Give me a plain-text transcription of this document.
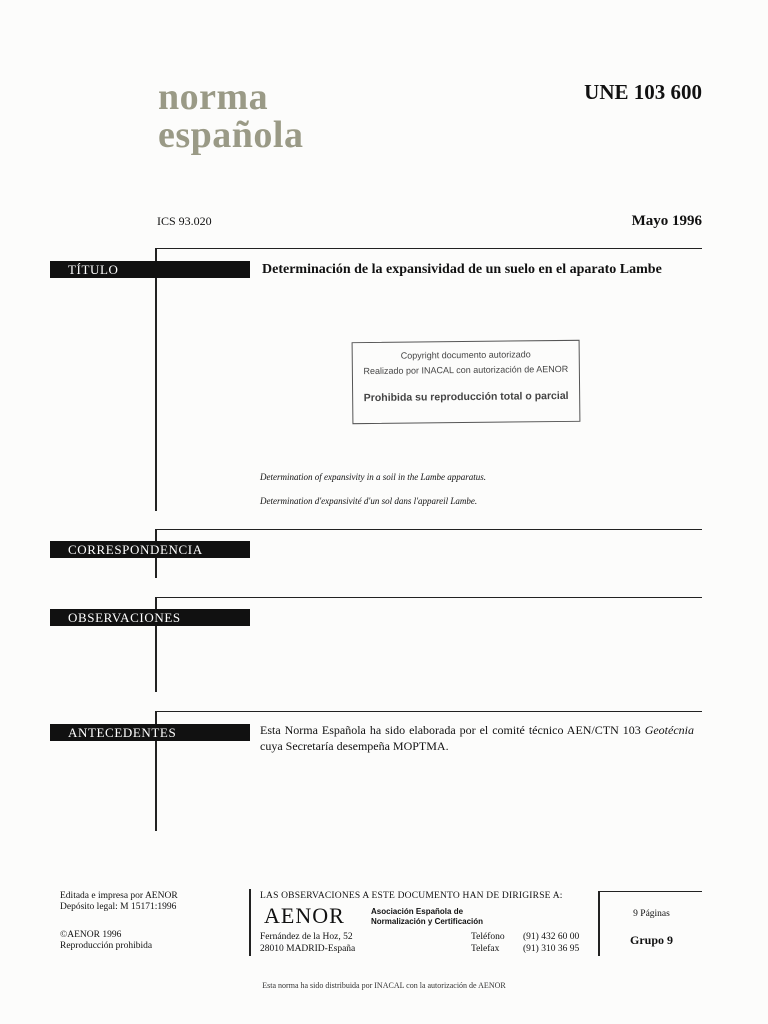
norma
española
UNE 103 600
ICS 93.020	Mayo 1996
TÍTULO	Determinación de la expansividad de un suelo en el aparato Lambe
Copyright documento autorizado
Realizado por INACAL con autorización de AENOR
Prohibida su reproducción total o parcial
Determination of expansivity in a soil in the Lambe apparatus.
Determination d'expansivité d'un sol dans l'appareil Lambe.
CORRESPONDENCIA
OBSERVACIONES
ANTECEDENTES	Esta Norma Española ha sido elaborada por el comité técnico AEN/CTN 103 Geotécnia cuya Secretaría desempeña MOPTMA.
Editada e impresa por AENOR
Depósito legal: M 15171:1996
©AENOR 1996
Reproducción prohibida
LAS OBSERVACIONES A ESTE DOCUMENTO HAN DE DIRIGIRSE A:
AENOR	Asociación Española de
Normalización y Certificación
Fernández de la Hoz, 52
28010 MADRID-España
Teléfono (91) 432 60 00
Telefax (91) 310 36 95
9 Páginas
Grupo 9
Esta norma ha sido distribuida por INACAL con la autorización de AENOR
